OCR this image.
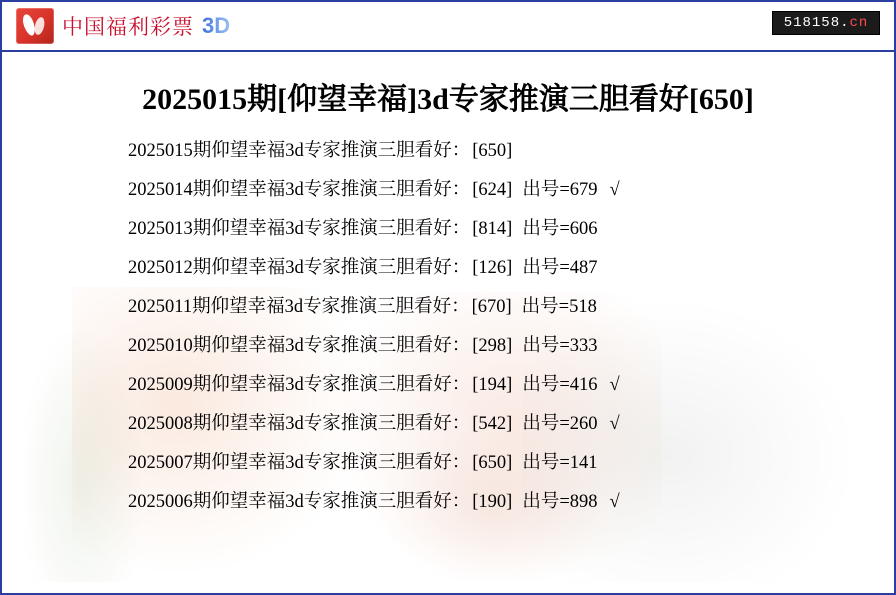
中国福利彩票 3D	518158. cn
2025015期[仰望幸福]3d专家推演三胆看好[650]
2025015期仰望幸福3d专家推演三胆看好： [650]
2025014期仰望幸福3d专家推演三胆看好： [624] 出号=679 √
2025013期仰望幸福3d专家推演三胆看好： [814] 出号=606
2025012期仰望幸福3d专家推演三胆看好： [126] 出号=487
2025011期仰望幸福3d专家推演三胆看好： [670] 出号=518
2025010期仰望幸福3d专家推演三胆看好： [298] 出号=333
2025009期仰望幸福3d专家推演三胆看好： [194] 出号=416 √
2025008期仰望幸福3d专家推演三胆看好： [542] 出号=260 √
2025007期仰望幸福3d专家推演三胆看好： [650] 出号=141
2025006期仰望幸福3d专家推演三胆看好： [190] 出号=898 √
